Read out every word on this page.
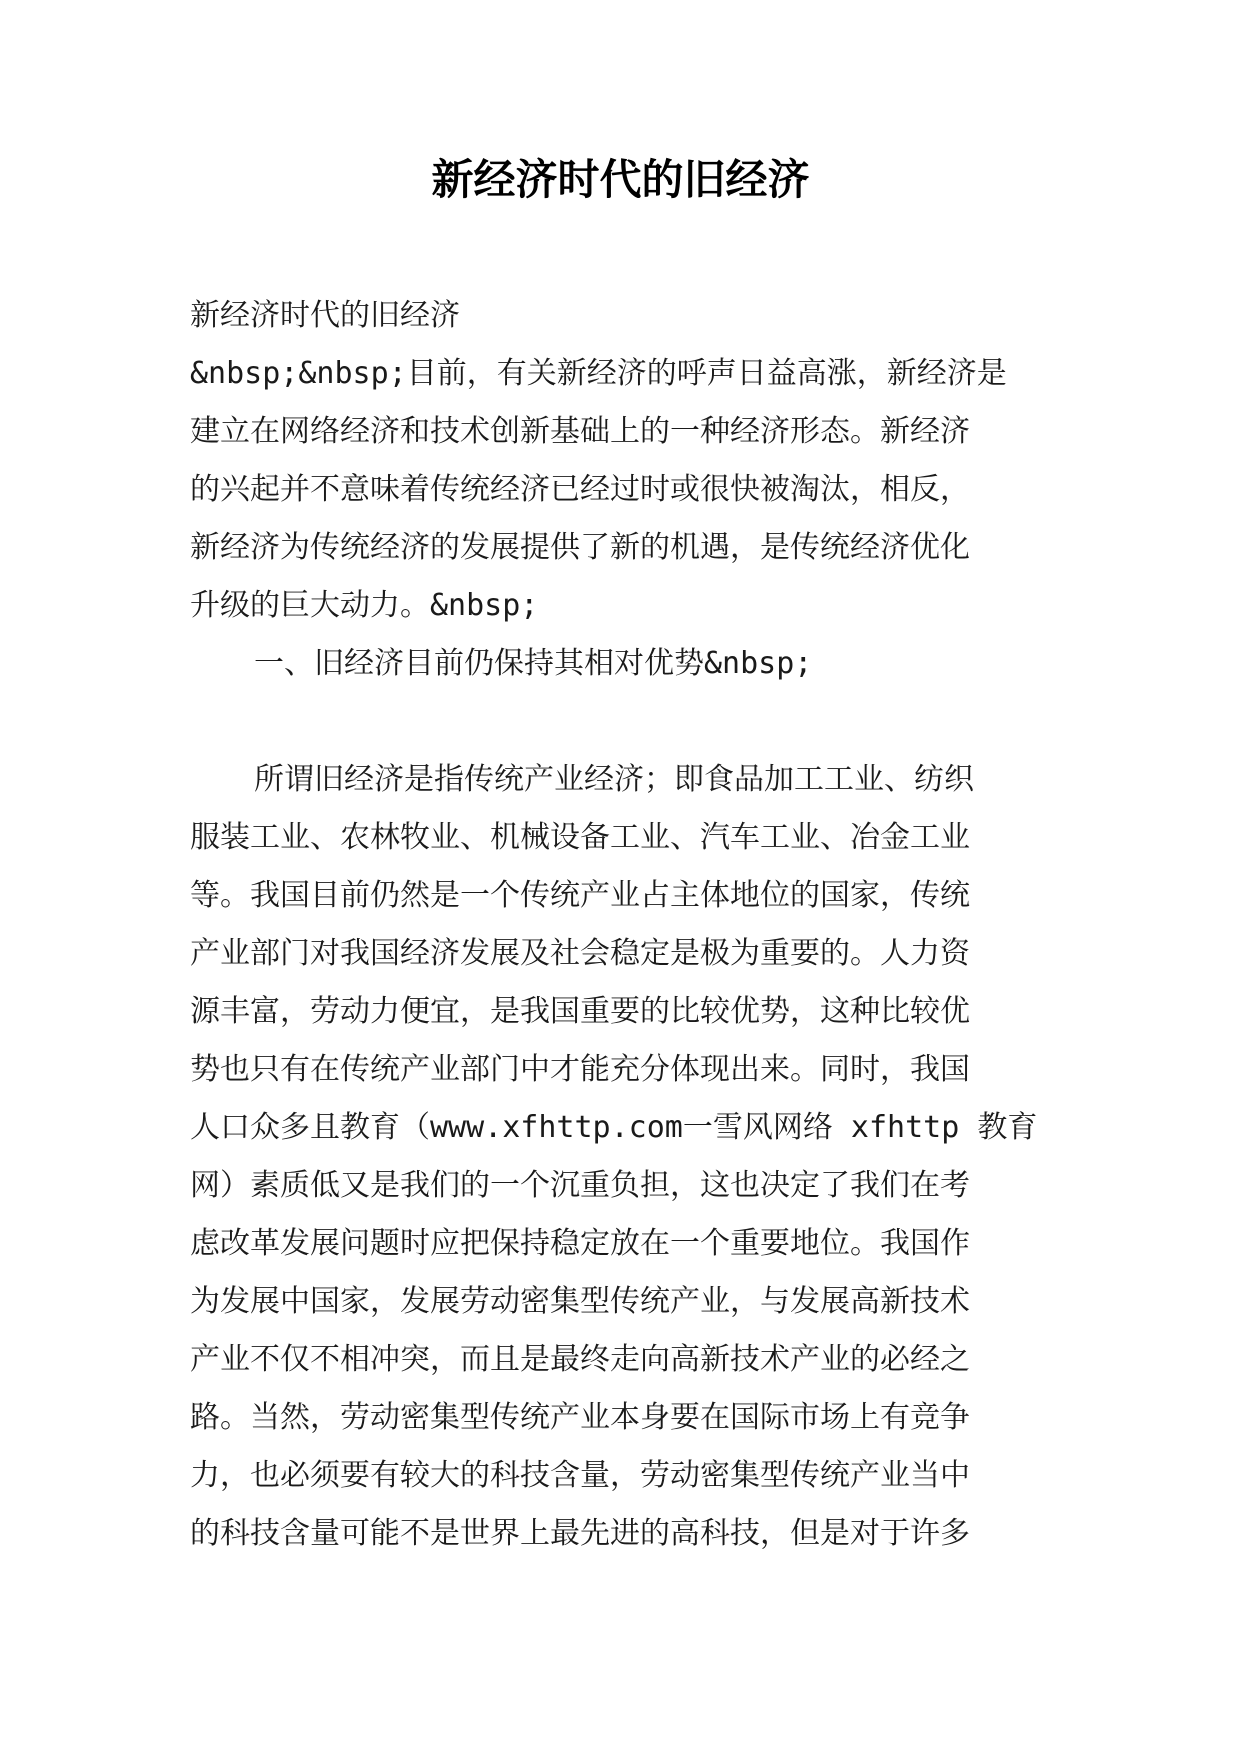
新经济时代的旧经济

新经济时代的旧经济

&nbsp;&nbsp;目前，有关新经济的呼声日益高涨，新经济是
建立在网络经济和技术创新基础上的一种经济形态。新经济
的兴起并不意味着传统经济已经过时或很快被淘汰，相反，
新经济为传统经济的发展提供了新的机遇，是传统经济优化
升级的巨大动力。&nbsp;

一、旧经济目前仍保持其相对优势&nbsp;

所谓旧经济是指传统产业经济；即食品加工工业、纺织
服装工业、农林牧业、机械设备工业、汽车工业、冶金工业
等。我国目前仍然是一个传统产业占主体地位的国家，传统
产业部门对我国经济发展及社会稳定是极为重要的。人力资
源丰富，劳动力便宜，是我国重要的比较优势，这种比较优
势也只有在传统产业部门中才能充分体现出来。同时，我国
人口众多且教育（www.xfhttp.com一雪风网络 xfhttp 教育
网）素质低又是我们的一个沉重负担，这也决定了我们在考
虑改革发展问题时应把保持稳定放在一个重要地位。我国作
为发展中国家，发展劳动密集型传统产业，与发展高新技术
产业不仅不相冲突，而且是最终走向高新技术产业的必经之
路。当然，劳动密集型传统产业本身要在国际市场上有竞争
力，也必须要有较大的科技含量，劳动密集型传统产业当中
的科技含量可能不是世界上最先进的高科技，但是对于许多
